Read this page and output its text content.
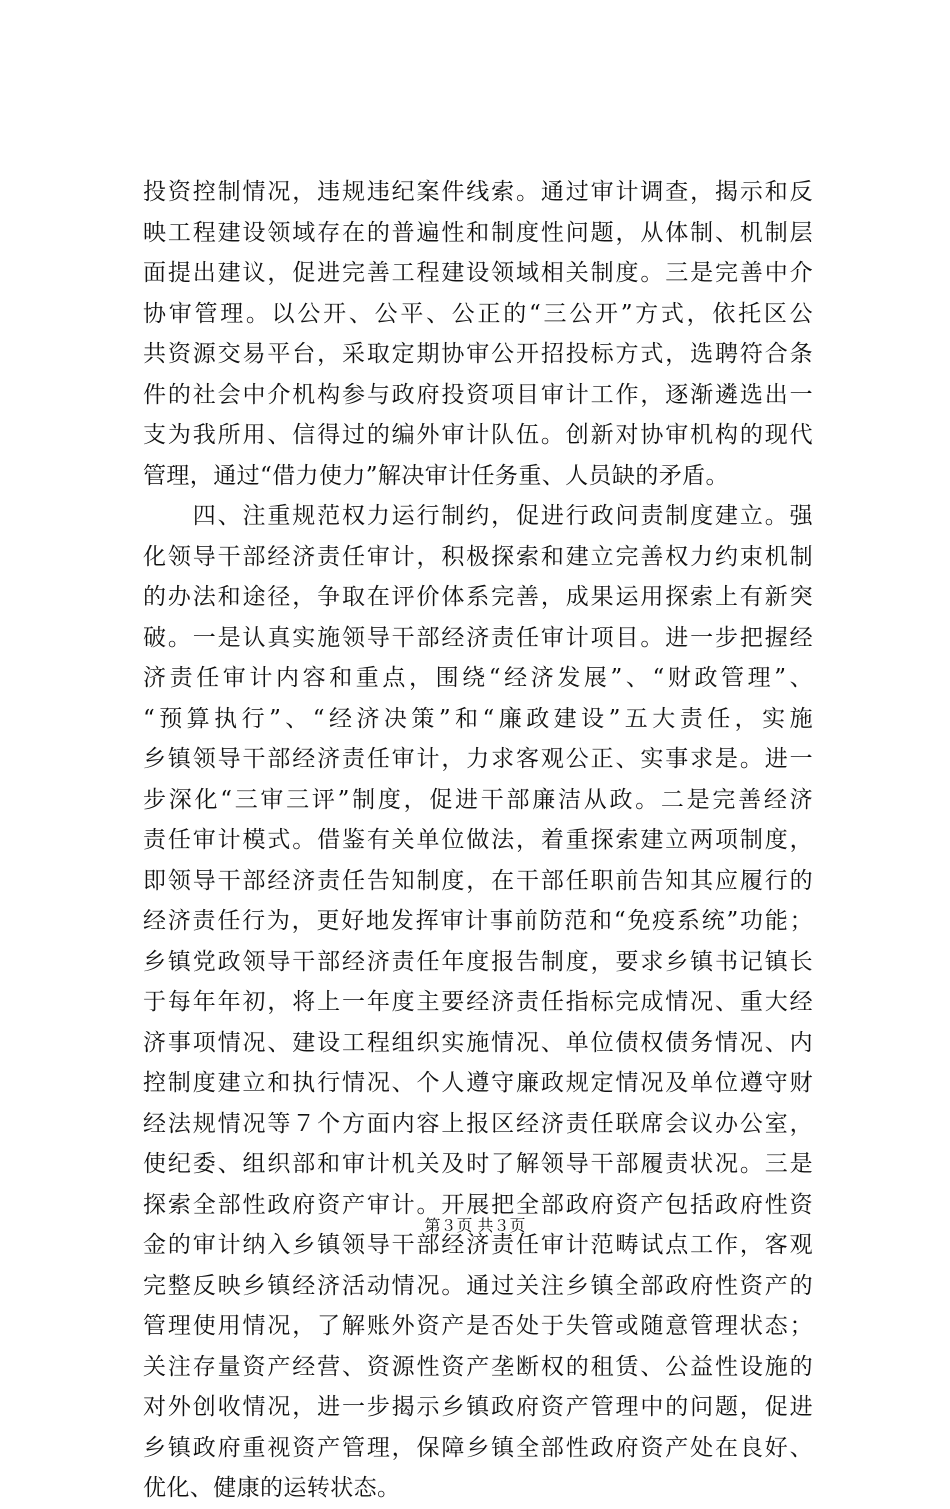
投资控制情况，违规违纪案件线索。通过审计调查，揭示和反
映工程建设领域存在的普遍性和制度性问题，从体制、机制层
面提出建议，促进完善工程建设领域相关制度。三是完善中介
协审管理。以公开、公平、公正的“三公开”方式，依托区公
共资源交易平台，采取定期协审公开招投标方式，选聘符合条
件的社会中介机构参与政府投资项目审计工作，逐渐遴选出一
支为我所用、信得过的编外审计队伍。创新对协审机构的现代
管理，通过“借力使力”解决审计任务重、人员缺的矛盾。
　　四、注重规范权力运行制约，促进行政问责制度建立。强
化领导干部经济责任审计，积极探索和建立完善权力约束机制
的办法和途径，争取在评价体系完善，成果运用探索上有新突
破。一是认真实施领导干部经济责任审计项目。进一步把握经
济责任审计内容和重点，围绕“经济发展”、“财政管理”、
“预算执行”、“经济决策”和“廉政建设”五大责任，实施
乡镇领导干部经济责任审计，力求客观公正、实事求是。进一
步深化“三审三评”制度，促进干部廉洁从政。二是完善经济
责任审计模式。借鉴有关单位做法，着重探索建立两项制度，
即领导干部经济责任告知制度，在干部任职前告知其应履行的
经济责任行为，更好地发挥审计事前防范和“免疫系统”功能；
乡镇党政领导干部经济责任年度报告制度，要求乡镇书记镇长
于每年年初，将上一年度主要经济责任指标完成情况、重大经
济事项情况、建设工程组织实施情况、单位债权债务情况、内
控制度建立和执行情况、个人遵守廉政规定情况及单位遵守财
经法规情况等７个方面内容上报区经济责任联席会议办公室，
使纪委、组织部和审计机关及时了解领导干部履责状况。三是
探索全部性政府资产审计。开展把全部政府资产包括政府性资
金的审计纳入乡镇领导干部经济责任审计范畴试点工作，客观
完整反映乡镇经济活动情况。通过关注乡镇全部政府性资产的
管理使用情况，了解账外资产是否处于失管或随意管理状态；
关注存量资产经营、资源性资产垄断权的租赁、公益性设施的
对外创收情况，进一步揭示乡镇政府资产管理中的问题，促进
乡镇政府重视资产管理，保障乡镇全部性政府资产处在良好、
优化、健康的运转状态。
第３页 共３页
